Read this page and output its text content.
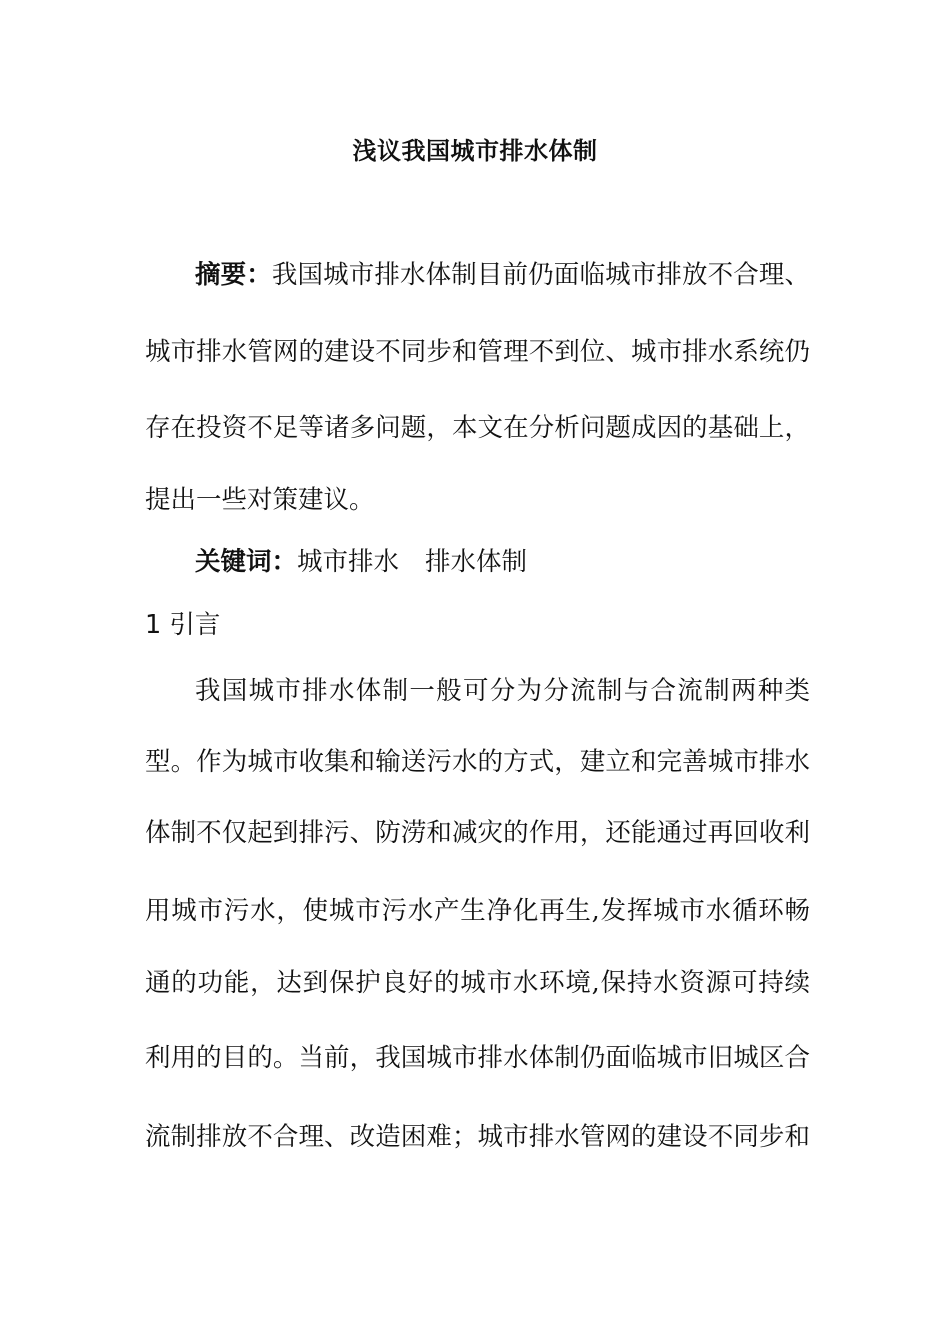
浅议我国城市排水体制
摘要：我国城市排水体制目前仍面临城市排放不合理、
城市排水管网的建设不同步和管理不到位、城市排水系统仍
存在投资不足等诸多问题，本文在分析问题成因的基础上，
提出一些对策建议。
关键词：城市排水 排水体制
1 引言
我国城市排水体制一般可分为分流制与合流制两种类
型。作为城市收集和输送污水的方式，建立和完善城市排水
体制不仅起到排污、防涝和减灾的作用，还能通过再回收利
用城市污水，使城市污水产生净化再生,发挥城市水循环畅
通的功能，达到保护良好的城市水环境,保持水资源可持续
利用的目的。当前，我国城市排水体制仍面临城市旧城区合
流制排放不合理、改造困难；城市排水管网的建设不同步和
